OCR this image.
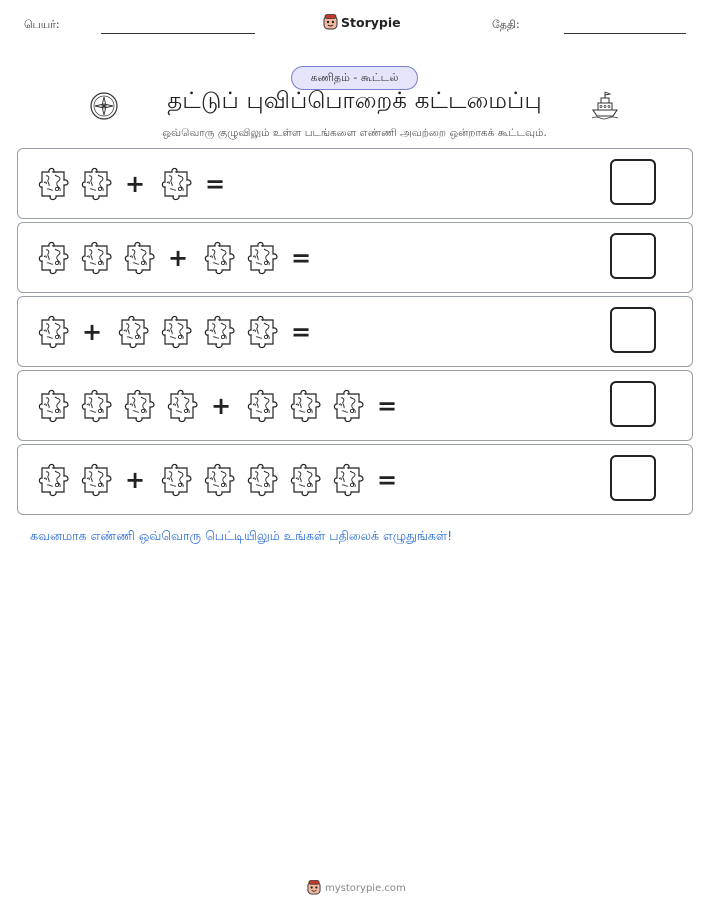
பெயர்:	Storypie	தேதி:
கணிதம் - கூட்டல்
தட்டுப் புவிப்பொறைக் கட்டமைப்பு
ஒவ்வொரு குழுவிலும் உள்ள படங்களை எண்ணி அவற்றை ஒன்றாகக் கூட்டவும்.
+ =
+	=
+	=
+	=
+	=
கவனமாக எண்ணி ஒவ்வொரு பெட்டியிலும் உங்கள் பதிலைக் எழுதுங்கள்!
mystorypie.com
